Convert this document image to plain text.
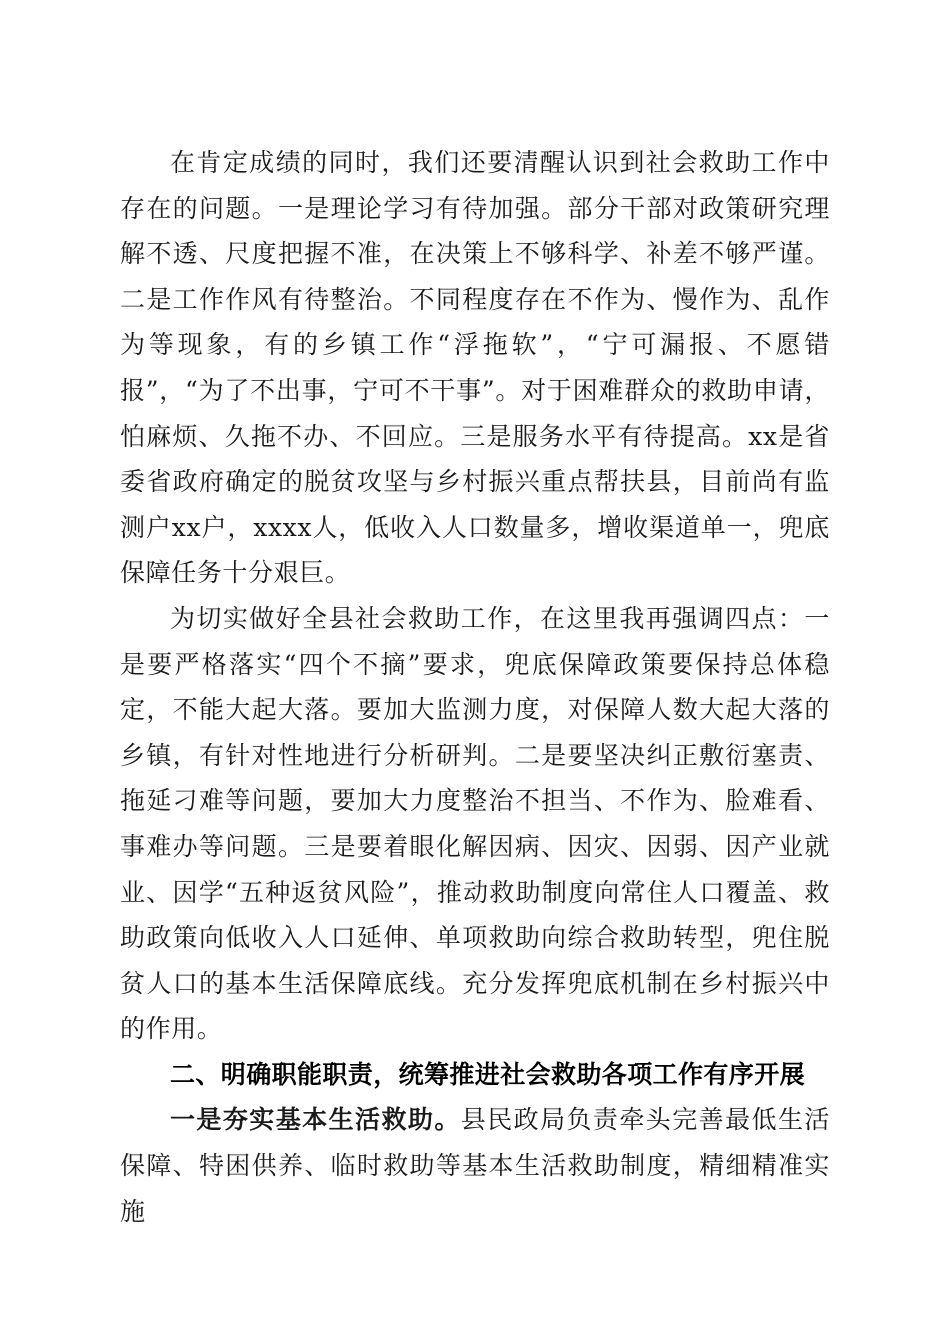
在肯定成绩的同时，我们还要清醒认识到社会救助工作中存在的问题。一是理论学习有待加强。部分干部对政策研究理解不透、尺度把握不准，在决策上不够科学、补差不够严谨。二是工作作风有待整治。不同程度存在不作为、慢作为、乱作为等现象，有的乡镇工作“浮拖软”，“宁可漏报、不愿错报”，“为了不出事，宁可不干事”。对于困难群众的救助申请，怕麻烦、久拖不办、不回应。三是服务水平有待提高。xx是省委省政府确定的脱贫攻坚与乡村振兴重点帮扶县，目前尚有监测户xx户，xxxx人，低收入人口数量多，增收渠道单一，兜底保障任务十分艰巨。

为切实做好全县社会救助工作，在这里我再强调四点：一是要严格落实“四个不摘”要求，兜底保障政策要保持总体稳定，不能大起大落。要加大监测力度，对保障人数大起大落的乡镇，有针对性地进行分析研判。二是要坚决纠正敷衍塞责、拖延刁难等问题，要加大力度整治不担当、不作为、脸难看、事难办等问题。三是要着眼化解因病、因灾、因弱、因产业就业、因学“五种返贫风险”，推动救助制度向常住人口覆盖、救助政策向低收入人口延伸、单项救助向综合救助转型，兜住脱贫人口的基本生活保障底线。充分发挥兜底机制在乡村振兴中的作用。

二、明确职能职责，统筹推进社会救助各项工作有序开展

一是夯实基本生活救助。县民政局负责牵头完善最低生活保障、特困供养、临时救助等基本生活救助制度，精细精准实施
